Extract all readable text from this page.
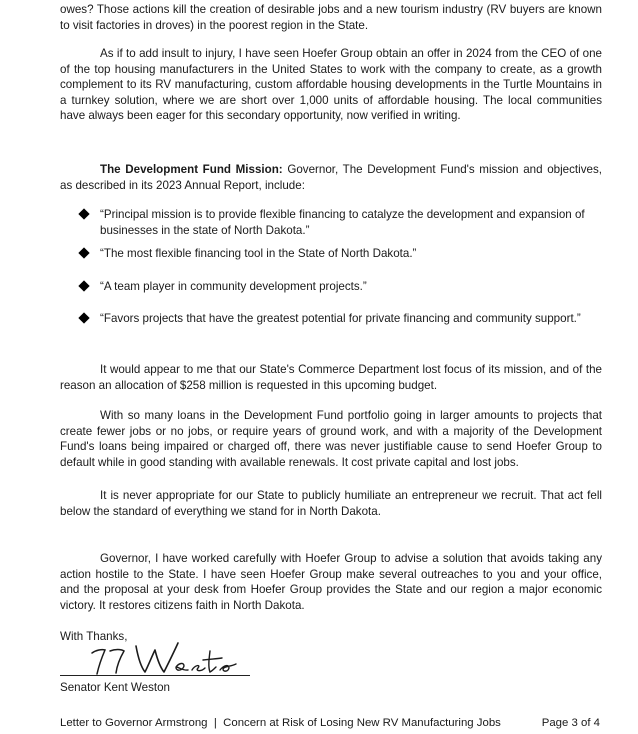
owes? Those actions kill the creation of desirable jobs and a new tourism industry (RV buyers are known to visit factories in droves) in the poorest region in the State.

As if to add insult to injury, I have seen Hoefer Group obtain an offer in 2024 from the CEO of one of the top housing manufacturers in the United States to work with the company to create, as a growth complement to its RV manufacturing, custom affordable housing developments in the Turtle Mountains in a turnkey solution, where we are short over 1,000 units of affordable housing. The local communities have always been eager for this secondary opportunity, now verified in writing.

The Development Fund Mission: Governor, The Development Fund's mission and objectives, as described in its 2023 Annual Report, include:

“Principal mission is to provide flexible financing to catalyze the development and expansion of businesses in the state of North Dakota.”
“The most flexible financing tool in the State of North Dakota.”
“A team player in community development projects.”
“Favors projects that have the greatest potential for private financing and community support.”

It would appear to me that our State's Commerce Department lost focus of its mission, and of the reason an allocation of $258 million is requested in this upcoming budget.

With so many loans in the Development Fund portfolio going in larger amounts to projects that create fewer jobs or no jobs, or require years of ground work, and with a majority of the Development Fund's loans being impaired or charged off, there was never justifiable cause to send Hoefer Group to default while in good standing with available renewals. It cost private capital and lost jobs.

It is never appropriate for our State to publicly humiliate an entrepreneur we recruit. That act fell below the standard of everything we stand for in North Dakota.

Governor, I have worked carefully with Hoefer Group to advise a solution that avoids taking any action hostile to the State. I have seen Hoefer Group make several outreaches to you and your office, and the proposal at your desk from Hoefer Group provides the State and our region a major economic victory. It restores citizens faith in North Dakota.

With Thanks,

Senator Kent Weston

Letter to Governor Armstrong  |  Concern at Risk of Losing New RV Manufacturing Jobs	Page 3 of 4
